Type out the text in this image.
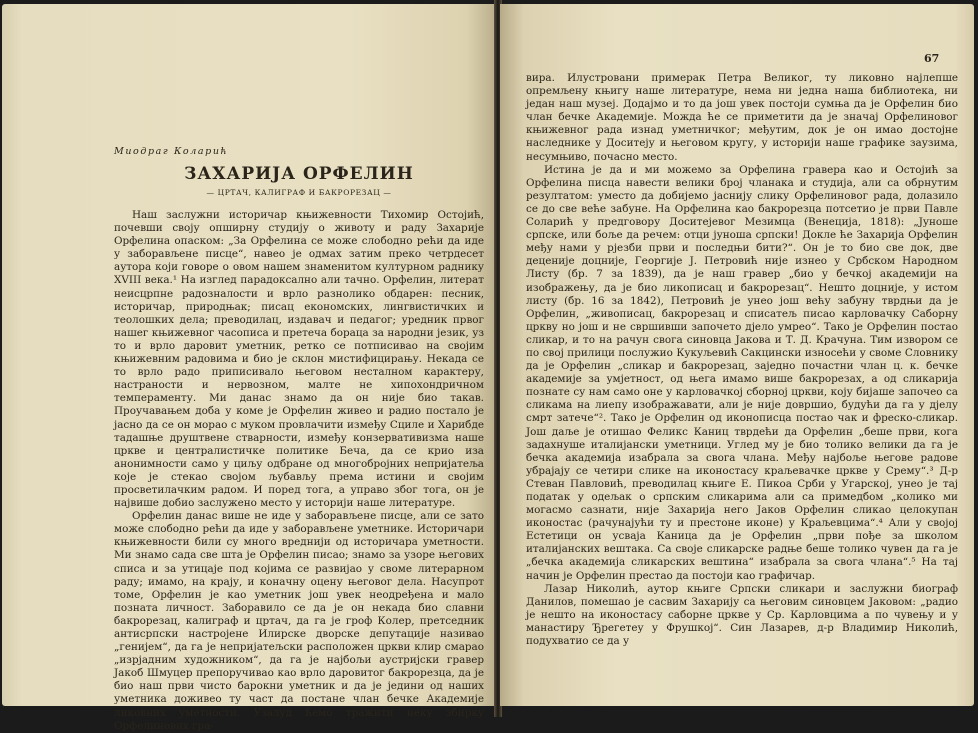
Миодраг Коларић
ЗАХАРИЈА ОРФЕЛИН
— ЦРТАЧ, КАЛИГРАФ И БАКРОРЕЗАЦ —

Наш заслужни историчар књижевности Тихомир Остојић, почевши своју опширну студију о животу и раду Захарије Орфелина опаском: „За Орфелина се може слободно рећи да иде у заборављене писце“, навео је одмах затим преко четрдесет аутора који говоре о овом нашем знаменитом културном раднику XVIII века.¹ На изглед парадоксално али тачно. Орфелин, литерат неисцрпне радозналости и врло разнолико обдарен: песник, историчар, природњак; писац економских, лингвистичких и теолошких дела; преводилац, издавач и педагог; уредник првог нашег књижевног часописа и претеча бораца за народни језик, уз то и врло даровит уметник, ретко се потписивао на својим књижевним радовима и био је склон мистифицирању. Некада се то врло радо приписивало његовом несталном карактеру, настраности и нервозном, малте не хипохондричном темпераменту. Ми данас знамо да он није био такав. Проучавањем доба у коме је Орфелин живео и радио постало је јасно да се он морао с муком провлачити између Сциле и Харибде тадашње друштвене стварности, између конзервативизма наше цркве и централистичке политике Беча, да се крио иза анонимности само у циљу одбране од многобројних непријатеља које је стекао својом љубављу према истини и својим просветилачким радом. И поред тога, а управо због тога, он је највише добио заслужено место у историји наше литературе.

Орфелин данас више не иде у заборављене писце, али се зато може слободно рећи да иде у заборављене уметнике. Историчари књижевности били су много вреднији од историчара уметности. Ми знамо сада све шта је Орфелин писао; знамо за узоре његових списа и за утицаје под којима се развијао у своме литерарном раду; имамо, на крају, и коначну оцену његовог дела. Насупрот томе, Орфелин је као уметник још увек неодређена и мало позната личност. Заборавило се да је он некада био славни бакрорезац, калиграф и цртач, да га је гроф Колер, претседник антисрпски настројене Илирске дворске депутације називао „генијем“, да га је непријатељски расположен цркви клир смарао „изрјадним художником“, да га је најбољи аустријски гравер Јакоб Шмуцер препоручивао као врло даровитог бакрорезца, да је био наш први чисто барокни уметник и да је једини од наших уметника доживео ту част да постане члан бечке Академије ликовних уметности. Узалуд ћемо тражити неку збирку Орфелинових гра-

67

вира. Илустровани примерак Петра Великог, ту ликовно најлепше опремљену књигу наше литературе, нема ни једна наша библиотека, ни један наш музеј. Додајмо и то да још увек постоји сумња да је Орфелин био члан бечке Академије. Можда ће се приметити да је значај Орфелиновог књижевног рада изнад уметничког; међутим, док је он имао достојне наследнике у Доситеју и његовом кругу, у историји наше графике заузима, несумњиво, почасно место.

Истина је да и ми можемо за Орфелина гравера као и Остојић за Орфелина писца навести велики број чланака и студија, али са обрнутим резултатом: уместо да добијемо јаснију слику Орфелиновог рада, долазило се до све веће забуне. На Орфелина као бакрорезца потсетио је први Павле Соларић у предговору Доситејевог Мезимца (Венеција, 1818): „Јуноше српске, или боље да речем: отци јуноша српски! Докле ће Захарија Орфелин међу нами у рјезби први и последњи бити?“. Он је то био све док, две деценије доцније, Георгије Ј. Петровић није изнео у Србском Народном Листу (бр. 7 за 1839), да је наш гравер „био у бечкој академији на изображењу, да је био ликописац и бакрорезац“. Нешто доцније, у истом листу (бр. 16 за 1842), Петровић је унео још већу забуну тврдњи да је Орфелин, „живописац, бакрорезац и списатељ писао карловачку Саборну цркву но још и не свршивши започето дјело умрео“. Тако је Орфелин постао сликар, и то на рачун свога синовца Јакова и Т. Д. Крачуна. Тим извором се по свој прилици послужио Кукуљевић Сакцински износећи у своме Словнику да је Орфелин „сликар и бакрорезац, заједно почастни члан ц. к. бечке академије за умјетност, од њега имамо више бакрорезах, а од сликарија познате су нам само оне у карловачкој сборној цркви, коју бијаше започео са сликама на лиепу изображавати, али је није довршио, будући да га у дјелу смрт затече“². Тако је Орфелин од иконописца постао чак и фреско-сликар. Још даље је отишао Феликс Каниц тврдећи да Орфелин „беше први, кога задахнуше италијански уметници. Углед му је био толико велики да га је бечка академија изабрала за свога члана. Међу најбоље његове радове убрајају се четири слике на иконостасу краљевачке цркве у Срему“.³ Д-р Стеван Павловић, преводилац књиге Е. Пикоа Срби у Угарској, унео је тај податак у одељак о српским сликарима али са примедбом „колико ми могасмо сазнати, није Захарија него Јаков Орфелин сликао целокупан иконостас (рачунајући ту и престоне иконе) у Краљевцима“.⁴ Али у својој Естетици он усваја Каница да је Орфелин „први пође за школом италијанских вештака. Са своје сликарске радње беше толико чувен да га је „бечка академија сликарских вештина“ изабрала за свога члана“.⁵ На тај начин је Орфелин престао да постоји као графичар.

Лазар Николић, аутор књиге Српски сликари и заслужни биограф Данилов, помешао је сасвим Захарију са његовим синовцем Јаковом: „радио је нешто на иконостасу саборне цркве у Ср. Карловцима а по чувењу и у манастиру Ђрегетеу у Фрушкој“. Син Лазарев, д-р Владимир Николић, подухватио се да у
